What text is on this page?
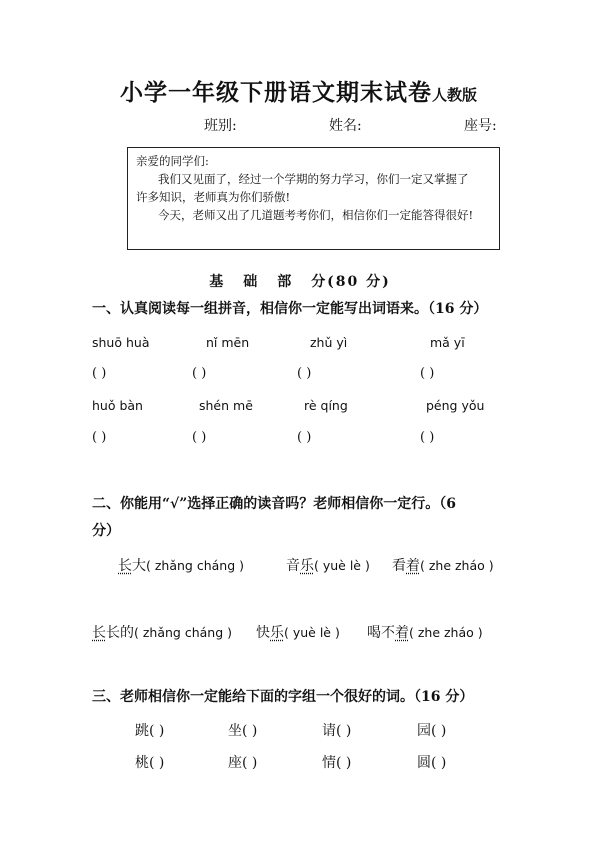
小学一年级下册语文期末试卷人教版
班别:	姓名:	座号:

亲爱的同学们:

我们又见面了，经过一个学期的努力学习，你们一定又掌握了

许多知识，老师真为你们骄傲!

今天，老师又出了几道题考考你们，相信你们一定能答得很好!

基 础 部 分(80 分)
一、认真阅读每一组拼音，相信你一定能写出词语来。（16 分）
shuō huà	nǐ mēn	zhǔ yì	mǎ yī
( )	( )	( )	( )
huǒ bàn	shén mē	rè qíng	péng yǒu
( )	( )	( )	( )
二、你能用“√”选择正确的读音吗？老师相信你一定行。（6
分）
长大( zhǎng cháng )	音乐( yuè lè ) 看着( zhe zháo )
长长的( zhǎng cháng ) 快乐( yuè lè ) 喝不着( zhe zháo )
三、老师相信你一定能给下面的字组一个很好的词。（16 分）
跳( )	坐( )	请( )	园( )
桃( )	座( )	情( )	圆( )
